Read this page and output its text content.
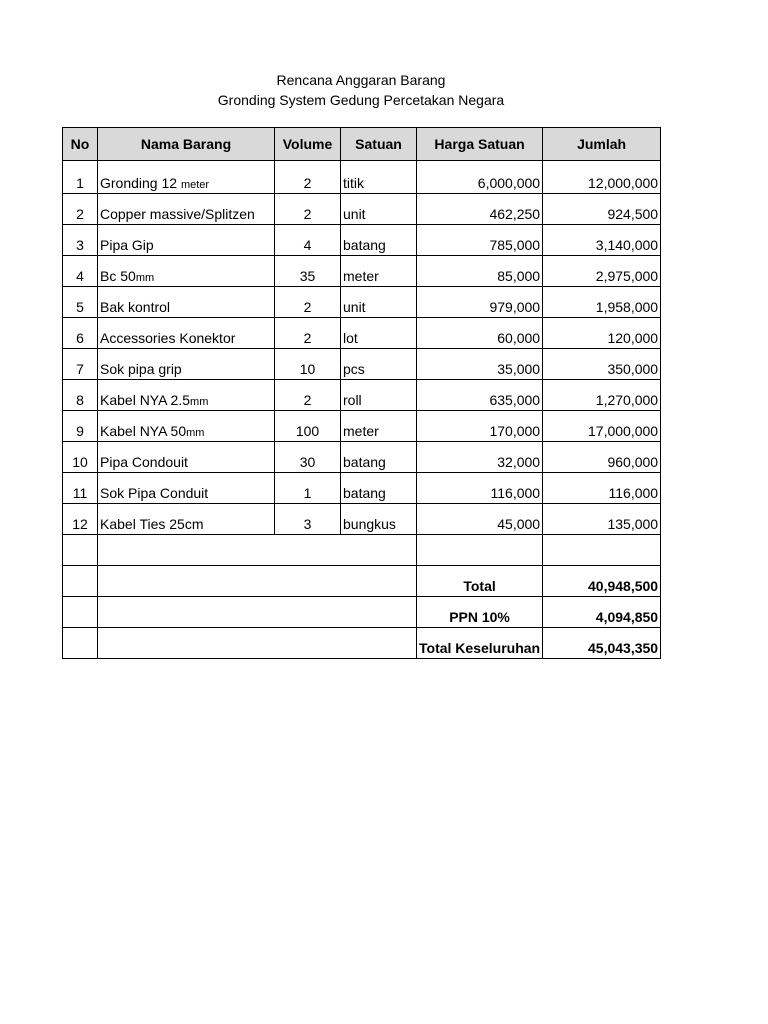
Rencana Anggaran Barang
Gronding System Gedung Percetakan Negara
No	Nama Barang	Volume	Satuan	Harga Satuan	Jumlah
1	Gronding 12 meter	2	titik	6,000,000	12,000,000
2	Copper massive/Splitzen	2	unit	462,250	924,500
3	Pipa Gip	4	batang	785,000	3,140,000
4	Bc 50mm	35	meter	85,000	2,975,000
5	Bak kontrol	2	unit	979,000	1,958,000
6	Accessories Konektor	2	lot	60,000	120,000
7	Sok pipa grip	10	pcs	35,000	350,000
8	Kabel NYA 2.5mm	2	roll	635,000	1,270,000
9	Kabel NYA 50mm	100	meter	170,000	17,000,000
10	Pipa Condouit	30	batang	32,000	960,000
11	Sok Pipa Conduit	1	batang	116,000	116,000
12	Kabel Ties 25cm	3	bungkus	45,000	135,000

				Total	40,948,500
				PPN 10%	4,094,850
				Total Keseluruhan	45,043,350
